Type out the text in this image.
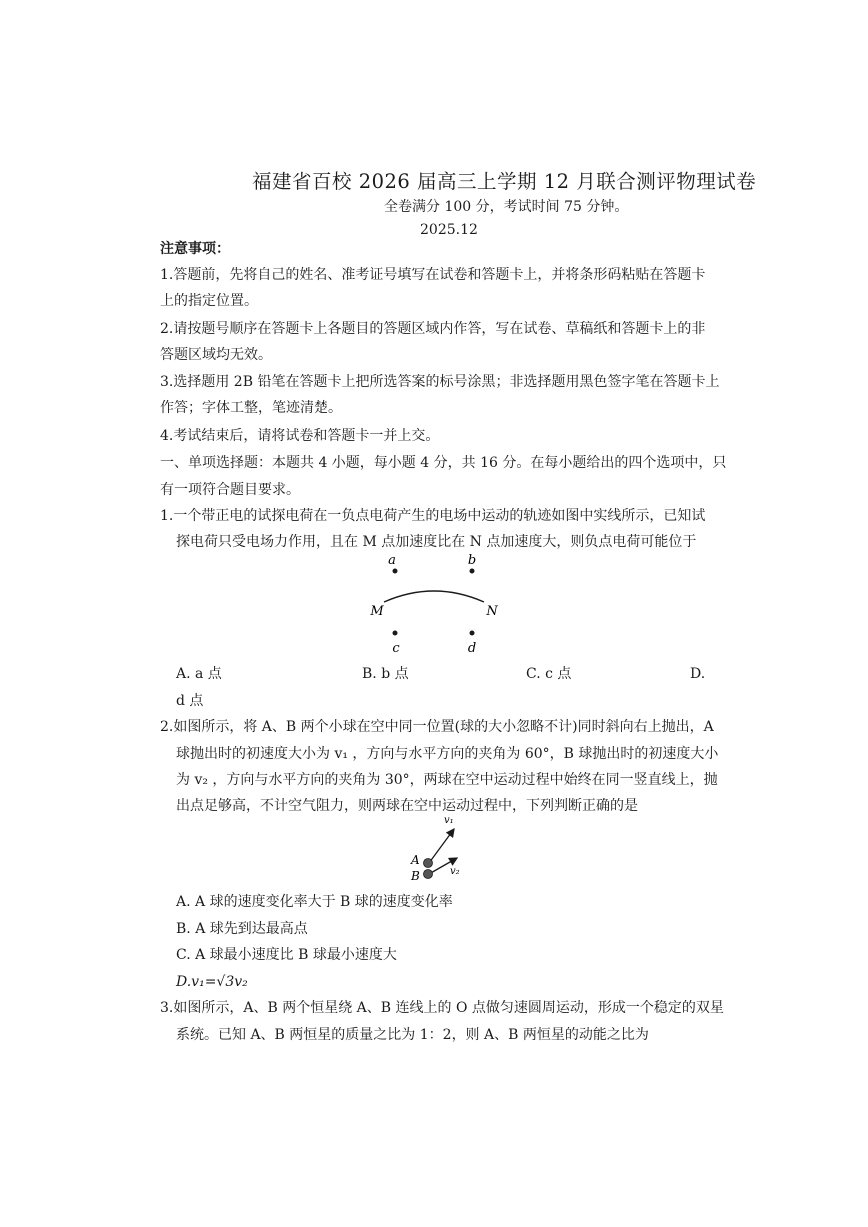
福建省百校 2026 届高三上学期 12 月联合测评物理试卷
全卷满分 100 分，考试时间 75 分钟。
2025.12
注意事项：
1.答题前，先将自己的姓名、准考证号填写在试卷和答题卡上，并将条形码粘贴在答题卡
上的指定位置。
2.请按题号顺序在答题卡上各题目的答题区域内作答，写在试卷、草稿纸和答题卡上的非
答题区域均无效。
3.选择题用 2B 铅笔在答题卡上把所选答案的标号涂黑；非选择题用黑色签字笔在答题卡上
作答；字体工整，笔迹清楚。
4.考试结束后，请将试卷和答题卡一并上交。
一、单项选择题：本题共 4 小题，每小题 4 分，共 16 分。在每小题给出的四个选项中，只
有一项符合题目要求。
1.一个带正电的试探电荷在一负点电荷产生的电场中运动的轨迹如图中实线所示，已知试
探电荷只受电场力作用，且在 M 点加速度比在 N 点加速度大，则负点电荷可能位于
a	b
M	N
c	d
A. a 点	B. b 点	C. c 点	D.
d 点
2.如图所示，将 A、B 两个小球在空中同一位置(球的大小忽略不计)同时斜向右上抛出，A
球抛出时的初速度大小为 v₁ ，方向与水平方向的夹角为 60°，B 球抛出时的初速度大小
为 v₂ ，方向与水平方向的夹角为 30°，两球在空中运动过程中始终在同一竖直线上，抛
出点足够高，不计空气阻力，则两球在空中运动过程中，下列判断正确的是
v₁
A
B	v₂
A. A 球的速度变化率大于 B 球的速度变化率
B. A 球先到达最高点
C. A 球最小速度比 B 球最小速度大
D.v₁=√3v₂
3.如图所示，A、B 两个恒星绕 A、B 连线上的 O 点做匀速圆周运动，形成一个稳定的双星
系统。已知 A、B 两恒星的质量之比为 1：2，则 A、B 两恒星的动能之比为
